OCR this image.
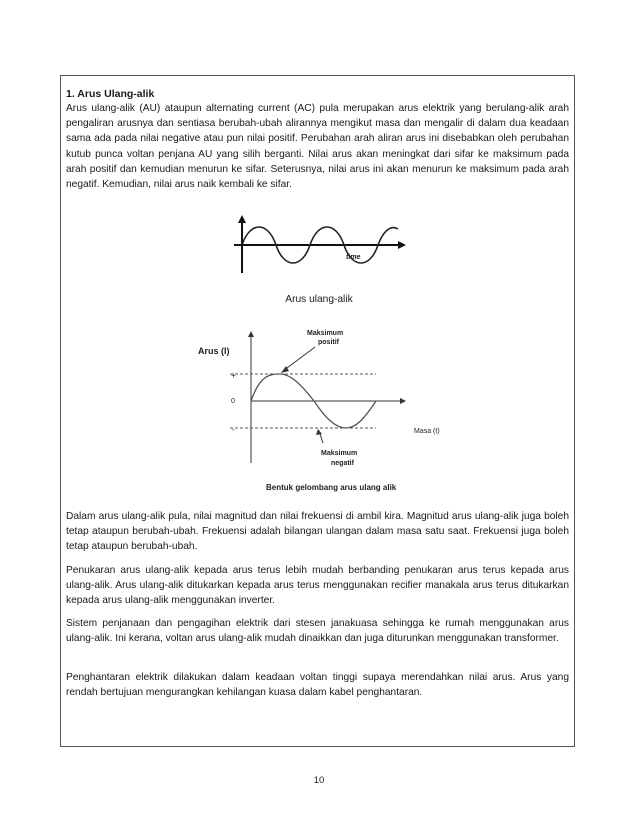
1. Arus Ulang-alik

Arus ulang-alik (AU) ataupun alternating current (AC) pula merupakan arus elektrik yang berulang-alik arah pengaliran arusnya dan sentiasa berubah-ubah alirannya mengikut masa dan mengalir di dalam dua keadaan sama ada pada nilai negative atau pun nilai positif. Perubahan arah aliran arus ini disebabkan oleh perubahan kutub punca voltan penjana AU yang silih berganti. Nilai arus akan meningkat dari sifar ke maksimum pada arah positif dan kemudian menurun ke sifar. Seterusnya, nilai arus ini akan menurun ke maksimum pada arah negatif. Kemudian, nilai arus naik kembali ke sifar.

time
Arus ulang-alik
Arus (I)
+
0
-
Maksimum
positif
Maksimum
negatif
Masa (t)
Bentuk gelombang arus ulang alik

Dalam arus ulang-alik pula, nilai magnitud dan nilai frekuensi di ambil kira. Magnitud arus ulang-alik juga boleh tetap ataupun berubah-ubah. Frekuensi adalah bilangan ulangan dalam masa satu saat. Frekuensi juga boleh tetap ataupun berubah-ubah.

Penukaran arus ulang-alik kepada arus terus lebih mudah berbanding penukaran arus terus kepada arus ulang-alik. Arus ulang-alik ditukarkan kepada arus terus menggunakan recifier manakala arus terus ditukarkan kepada arus ulang-alik menggunakan inverter.

Sistem penjanaan dan pengagihan elektrik dari stesen janakuasa sehingga ke rumah menggunakan arus ulang-alik. Ini kerana, voltan arus ulang-alik mudah dinaikkan dan juga diturunkan menggunakan transformer.

Penghantaran elektrik dilakukan dalam keadaan voltan tinggi supaya merendahkan nilai arus. Arus yang rendah bertujuan mengurangkan kehilangan kuasa dalam kabel penghantaran.

10
